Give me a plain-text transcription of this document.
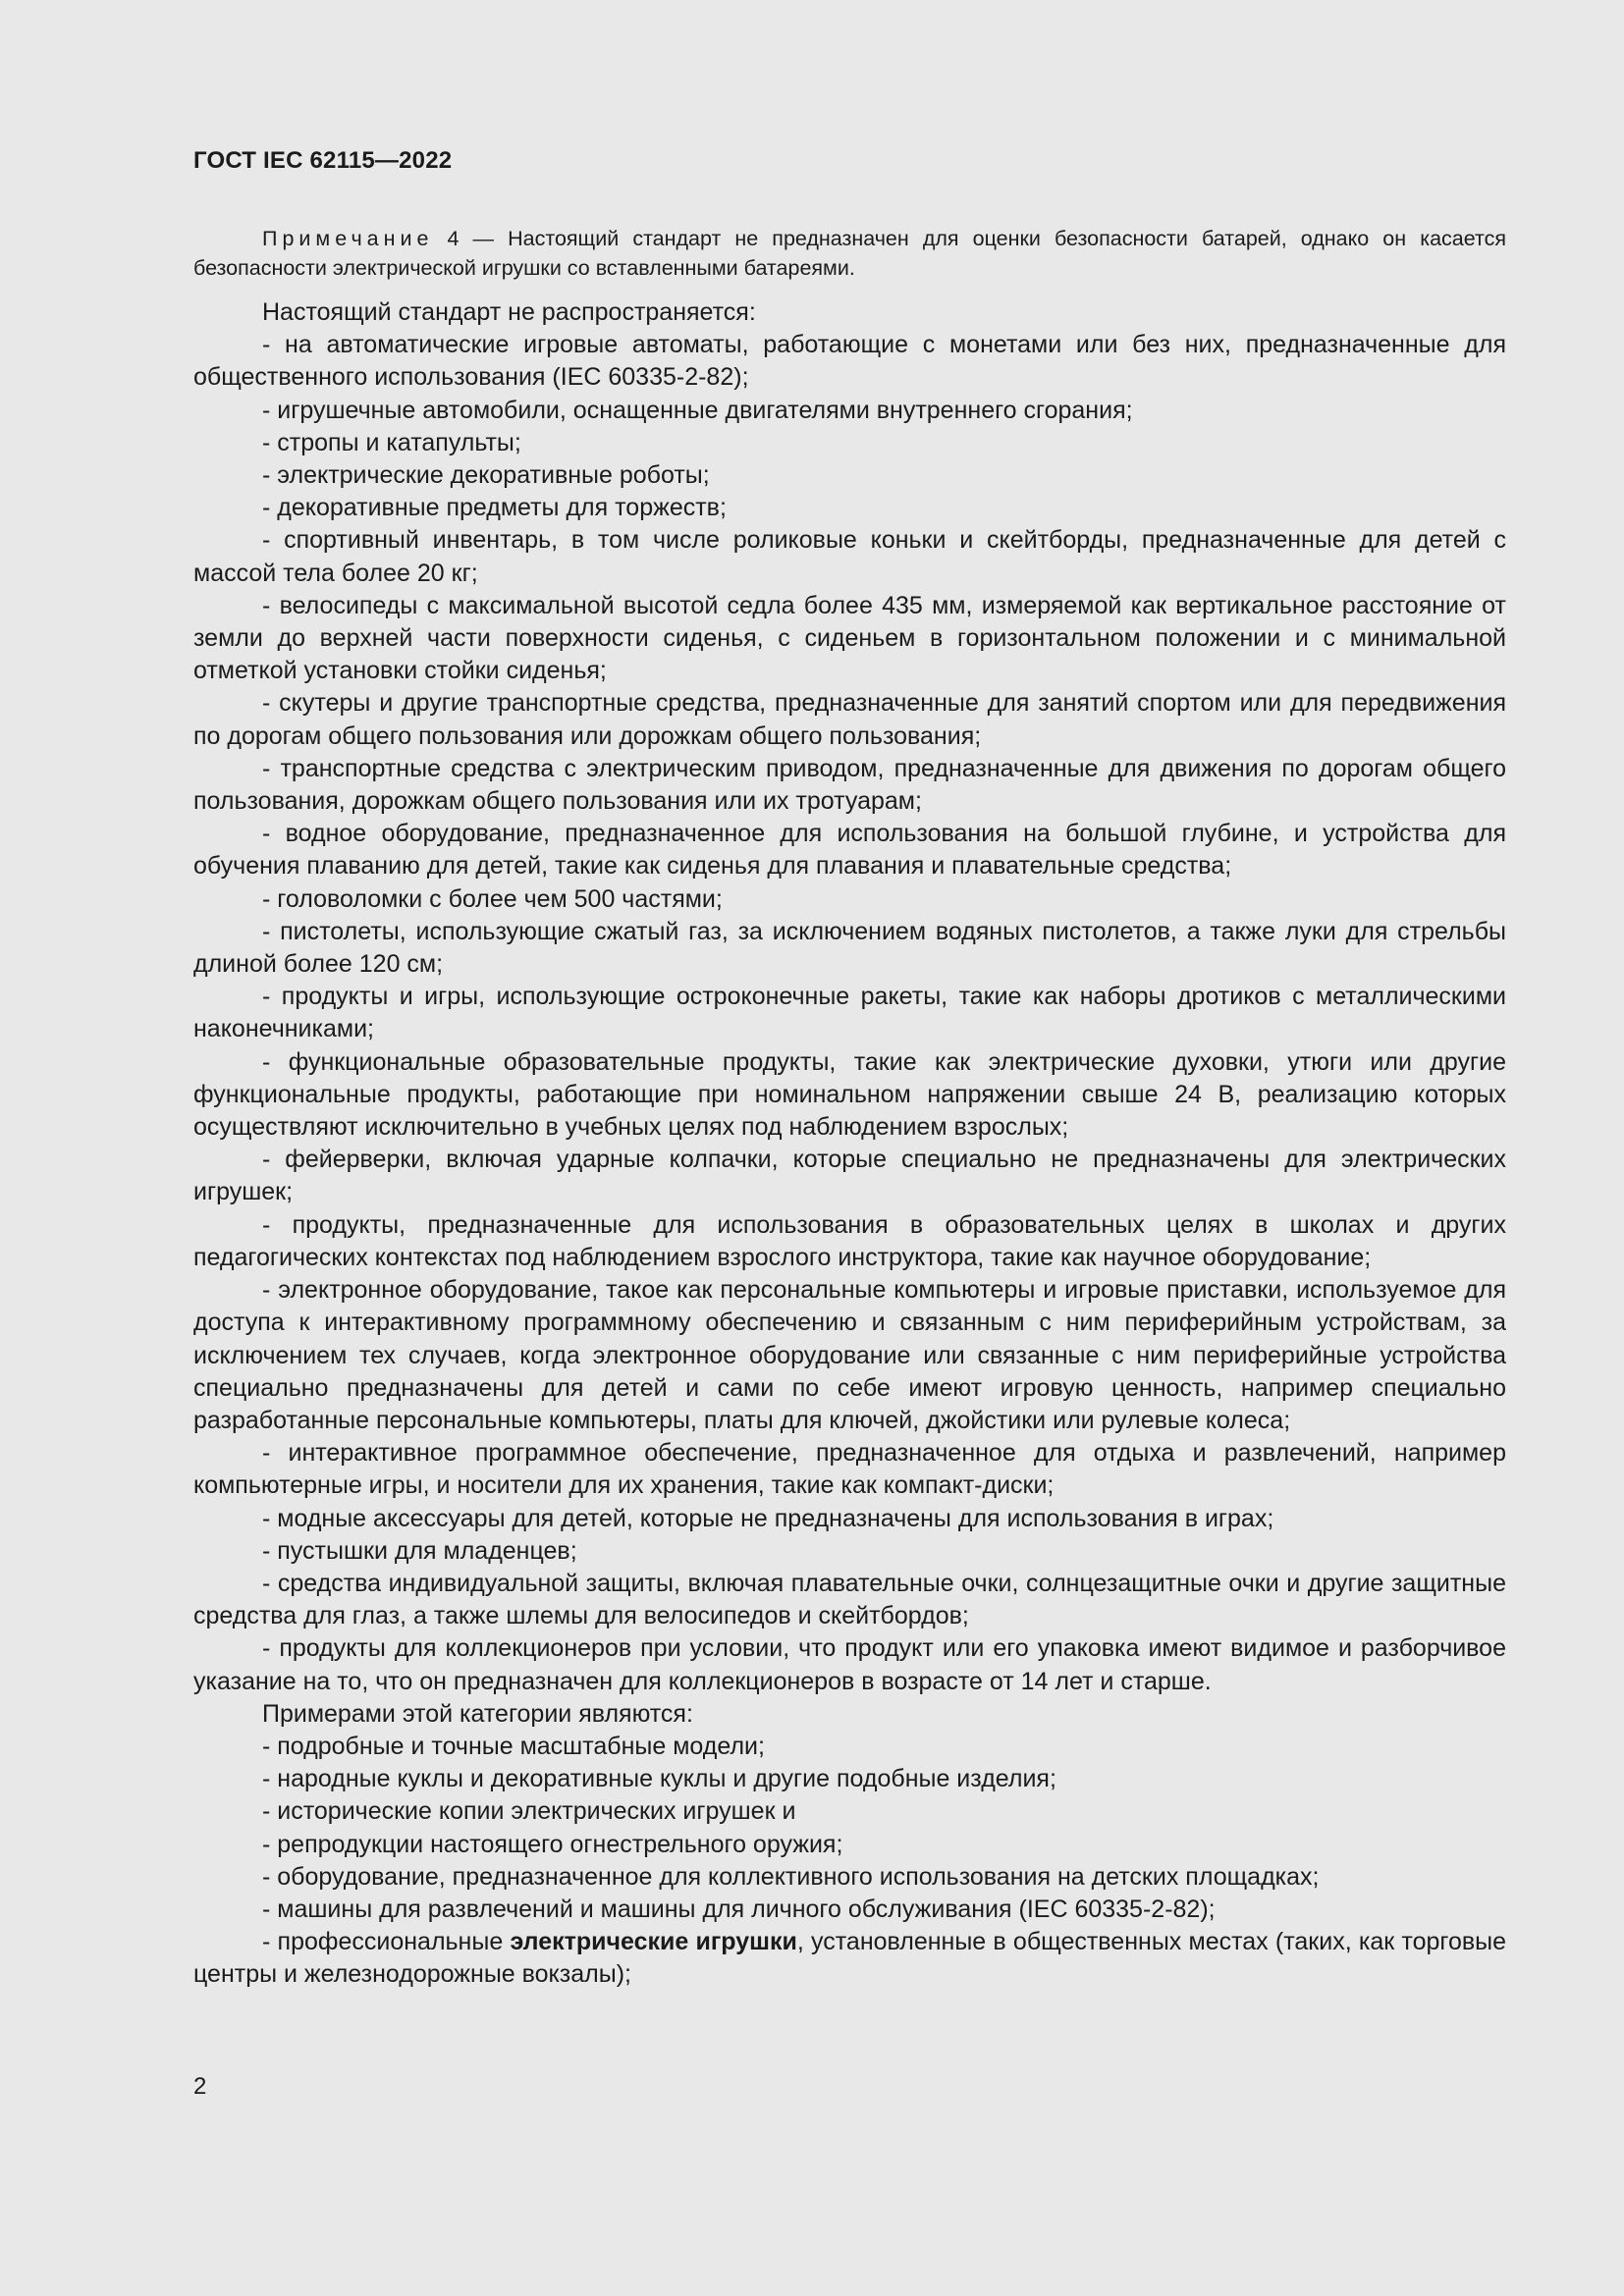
ГОСТ IEC 62115—2022

Примечание 4 — Настоящий стандарт не предназначен для оценки безопасности батарей, однако он касается безопасности электрической игрушки со вставленными батареями.

Настоящий стандарт не распространяется:

- на автоматические игровые автоматы, работающие с монетами или без них, предназначенные для общественного использования (IEC 60335-2-82);

- игрушечные автомобили, оснащенные двигателями внутреннего сгорания;

- стропы и катапульты;

- электрические декоративные роботы;

- декоративные предметы для торжеств;

- спортивный инвентарь, в том числе роликовые коньки и скейтборды, предназначенные для детей с массой тела более 20 кг;

- велосипеды с максимальной высотой седла более 435 мм, измеряемой как вертикальное расстояние от земли до верхней части поверхности сиденья, с сиденьем в горизонтальном положении и с минимальной отметкой установки стойки сиденья;

- скутеры и другие транспортные средства, предназначенные для занятий спортом или для передвижения по дорогам общего пользования или дорожкам общего пользования;

- транспортные средства с электрическим приводом, предназначенные для движения по дорогам общего пользования, дорожкам общего пользования или их тротуарам;

- водное оборудование, предназначенное для использования на большой глубине, и устройства для обучения плаванию для детей, такие как сиденья для плавания и плавательные средства;

- головоломки с более чем 500 частями;

- пистолеты, использующие сжатый газ, за исключением водяных пистолетов, а также луки для стрельбы длиной более 120 см;

- продукты и игры, использующие остроконечные ракеты, такие как наборы дротиков с металлическими наконечниками;

- функциональные образовательные продукты, такие как электрические духовки, утюги или другие функциональные продукты, работающие при номинальном напряжении свыше 24 В, реализацию которых осуществляют исключительно в учебных целях под наблюдением взрослых;

- фейерверки, включая ударные колпачки, которые специально не предназначены для электрических игрушек;

- продукты, предназначенные для использования в образовательных целях в школах и других педагогических контекстах под наблюдением взрослого инструктора, такие как научное оборудование;

- электронное оборудование, такое как персональные компьютеры и игровые приставки, используемое для доступа к интерактивному программному обеспечению и связанным с ним периферийным устройствам, за исключением тех случаев, когда электронное оборудование или связанные с ним периферийные устройства специально предназначены для детей и сами по себе имеют игровую ценность, например специально разработанные персональные компьютеры, платы для ключей, джойстики или рулевые колеса;

- интерактивное программное обеспечение, предназначенное для отдыха и развлечений, например компьютерные игры, и носители для их хранения, такие как компакт-диски;

- модные аксессуары для детей, которые не предназначены для использования в играх;

- пустышки для младенцев;

- средства индивидуальной защиты, включая плавательные очки, солнцезащитные очки и другие защитные средства для глаз, а также шлемы для велосипедов и скейтбордов;

- продукты для коллекционеров при условии, что продукт или его упаковка имеют видимое и разборчивое указание на то, что он предназначен для коллекционеров в возрасте от 14 лет и старше.

Примерами этой категории являются:

- подробные и точные масштабные модели;

- народные куклы и декоративные куклы и другие подобные изделия;

- исторические копии электрических игрушек и

- репродукции настоящего огнестрельного оружия;

- оборудование, предназначенное для коллективного использования на детских площадках;

- машины для развлечений и машины для личного обслуживания (IEC 60335-2-82);

- профессиональные электрические игрушки, установленные в общественных местах (таких, как торговые центры и железнодорожные вокзалы);

2
